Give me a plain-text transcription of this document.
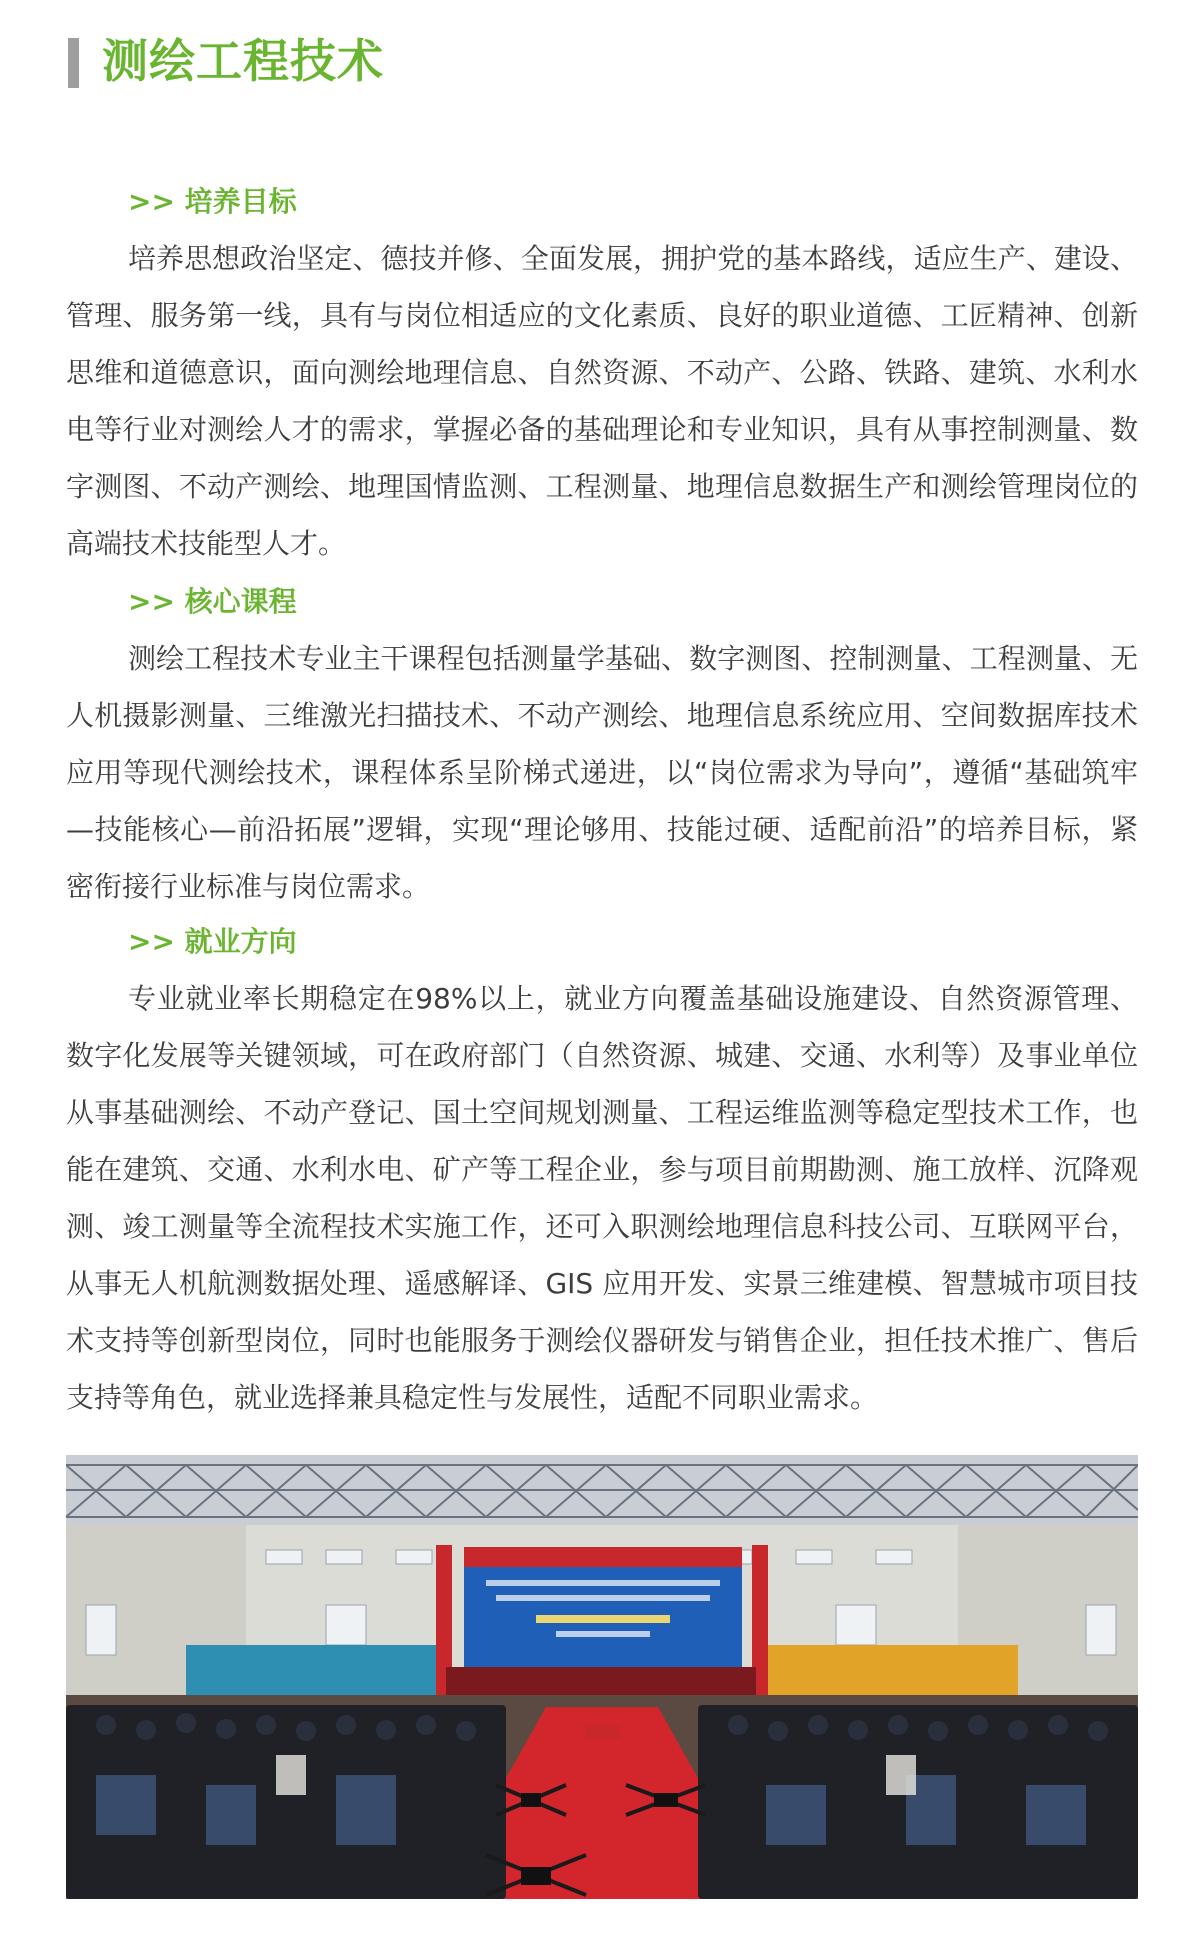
测绘工程技术
>> 培养目标

培养思想政治坚定、德技并修、全面发展，拥护党的基本路线，适应生产、建设、管理、服务第一线，具有与岗位相适应的文化素质、良好的职业道德、工匠精神、创新思维和道德意识，面向测绘地理信息、自然资源、不动产、公路、铁路、建筑、水利水电等行业对测绘人才的需求，掌握必备的基础理论和专业知识，具有从事控制测量、数字测图、不动产测绘、地理国情监测、工程测量、地理信息数据生产和测绘管理岗位的高端技术技能型人才。

>> 核心课程

测绘工程技术专业主干课程包括测量学基础、数字测图、控制测量、工程测量、无人机摄影测量、三维激光扫描技术、不动产测绘、地理信息系统应用、空间数据库技术应用等现代测绘技术，课程体系呈阶梯式递进，以“岗位需求为导向”，遵循“基础筑牢—技能核心—前沿拓展”逻辑，实现“理论够用、技能过硬、适配前沿”的培养目标，紧密衔接行业标准与岗位需求。

>> 就业方向

专业就业率长期稳定在98%以上，就业方向覆盖基础设施建设、自然资源管理、数字化发展等关键领域，可在政府部门（自然资源、城建、交通、水利等）及事业单位从事基础测绘、不动产登记、国土空间规划测量、工程运维监测等稳定型技术工作，也能在建筑、交通、水利水电、矿产等工程企业，参与项目前期勘测、施工放样、沉降观测、竣工测量等全流程技术实施工作，还可入职测绘地理信息科技公司、互联网平台，从事无人机航测数据处理、遥感解译、GIS 应用开发、实景三维建模、智慧城市项目技术支持等创新型岗位，同时也能服务于测绘仪器研发与销售企业，担任技术推广、售后支持等角色，就业选择兼具稳定性与发展性，适配不同职业需求。
